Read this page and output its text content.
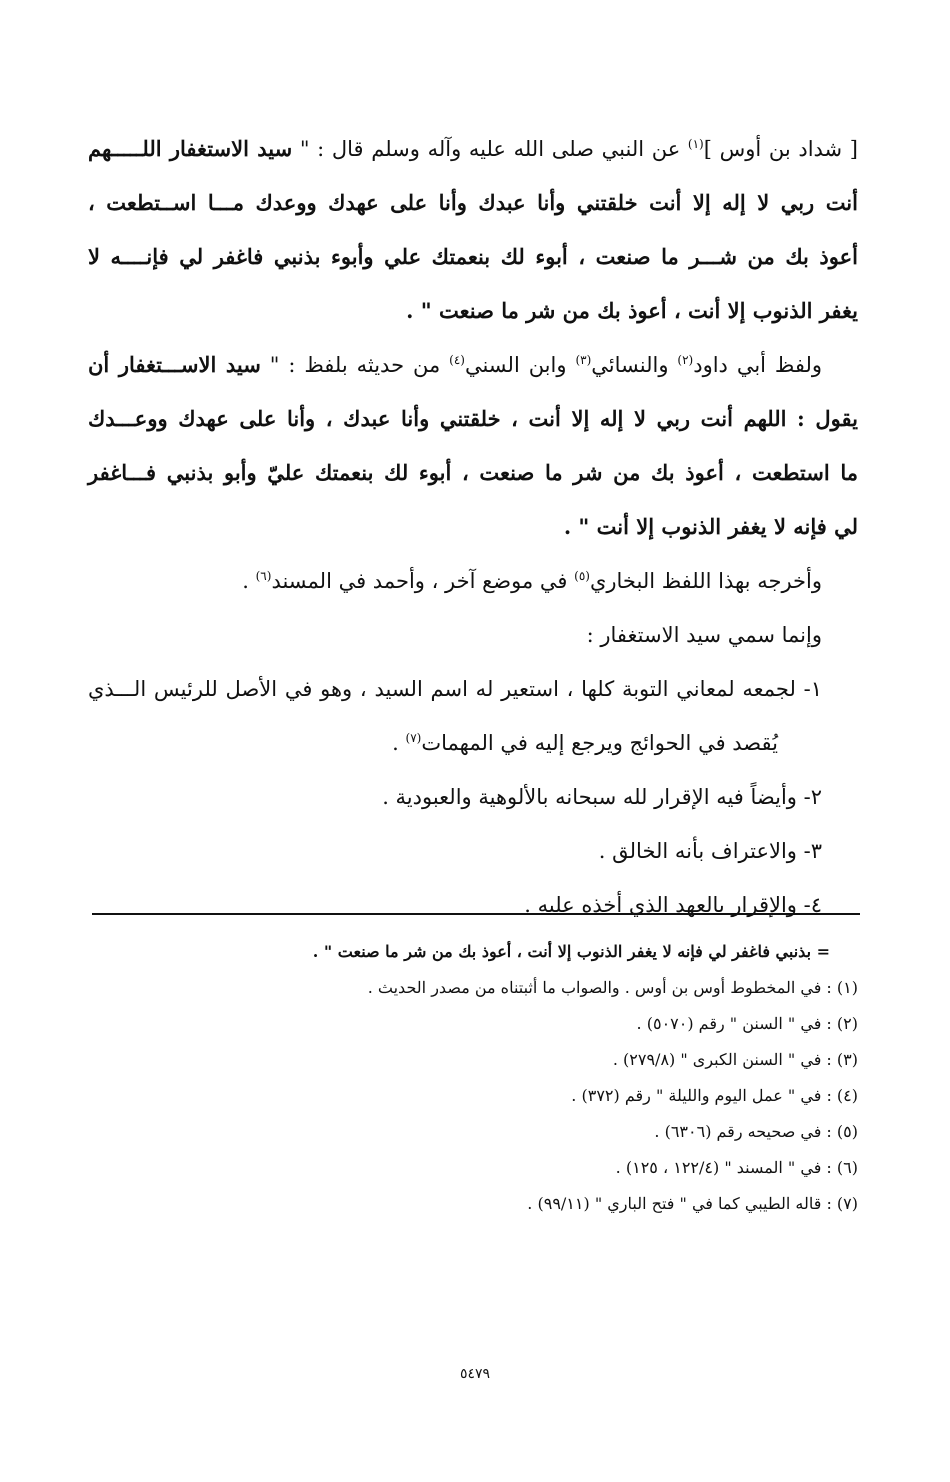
[ شداد بن أوس ]$^{(١)}$ عن النبي صلى الله عليه وآله وسلم قال : " سيد الاستغفار اللـــــهم
أنت ربي لا إله إلا أنت خلقتني وأنا عبدك وأنا على عهدك ووعدك مـــا اســتطعت ،
أعوذ بك من شـــر ما صنعت ، أبوء لك بنعمتك علي وأبوء بذنبي فاغفر لي فإنــــه لا
يغفر الذنوب إلا أنت ، أعوذ بك من شر ما صنعت " .
ولفظ أبي داود$^{(٢)}$ والنسائي$^{(٣)}$ وابن السني$^{(٤)}$ من حديثه بلفظ : " سيد الاســـتغفار أن
يقول : اللهم أنت ربي لا إله إلا أنت ، خلقتني وأنا عبدك ، وأنا على عهدك ووعـــدك
ما استطعت ، أعوذ بك من شر ما صنعت ، أبوء لك بنعمتك عليّ وأبو بذنبي فـــاغفر
لي فإنه لا يغفر الذنوب إلا أنت " .
وأخرجه بهذا اللفظ البخاري$^{(٥)}$ في موضع آخر ، وأحمد في المسند$^{(٦)}$ .
وإنما سمي سيد الاستغفار :
١- لجمعه لمعاني التوبة كلها ، استعير له اسم السيد ، وهو في الأصل للرئيس الـــذي
يُقصد في الحوائج ويرجع إليه في المهمات$^{(٧)}$ .
٢- وأيضاً فيه الإقرار لله سبحانه بالألوهية والعبودية .
٣- والاعتراف بأنه الخالق .
٤- والإقرار بالعهد الذي أخذه عليه .
= بذنبي فاغفر لي فإنه لا يغفر الذنوب إلا أنت ، أعوذ بك من شر ما صنعت " .
(١) : في المخطوط أوس بن أوس . والصواب ما أثبتناه من مصدر الحديث .
(٢) : في " السنن " رقم (٥٠٧٠) .
(٣) : في " السنن الكبرى " (٢٧٩/٨) .
(٤) : في " عمل اليوم والليلة " رقم (٣٧٢) .
(٥) : في صحيحه رقم (٦٣٠٦) .
(٦) : في " المسند " (١٢٢/٤ ، ١٢٥) .
(٧) : قاله الطيبي كما في " فتح الباري " (٩٩/١١) .
٥٤٧٩
